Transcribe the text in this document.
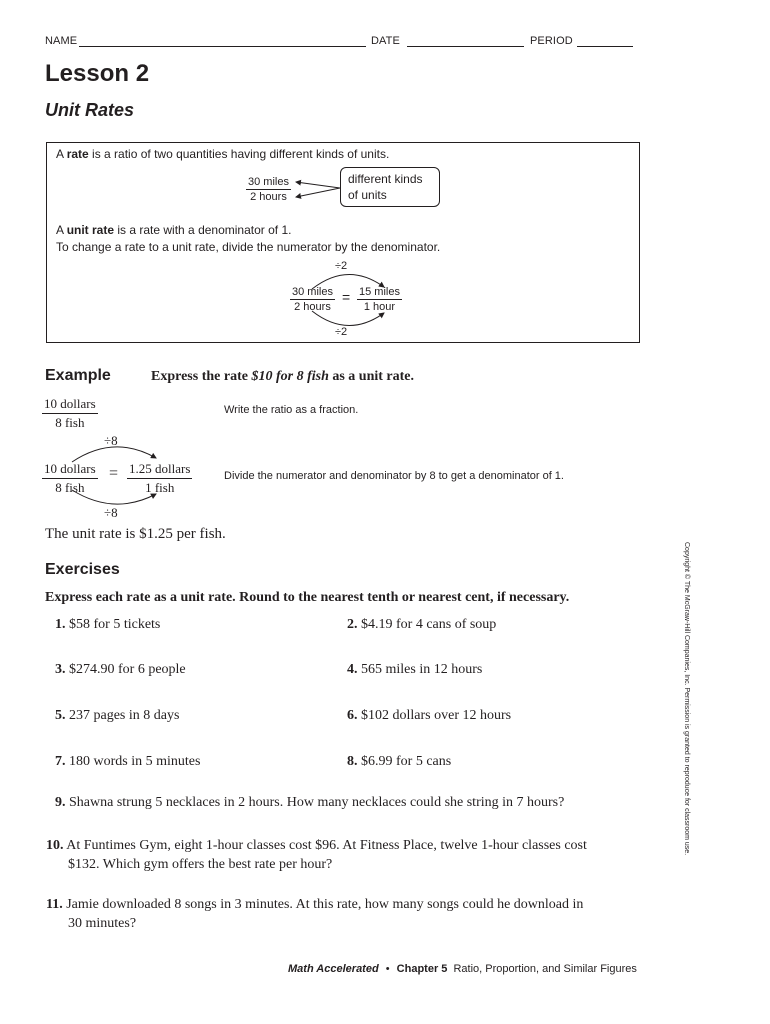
NAME	DATE	PERIOD
Lesson 2
Unit Rates
A rate is a ratio of two quantities having different kinds of units.
30 miles
2 hours
different kinds
of units
A unit rate is a rate with a denominator of 1.
To change a rate to a unit rate, divide the numerator by the denominator.
÷2
30 miles
2 hours
= 15 miles
1 hour
÷2
Example	Express the rate $10 for 8 fish as a unit rate.
10 dollars
8 fish
Write the ratio as a fraction.
÷8
10 dollars
8 fish
= 1.25 dollars
1 fish
Divide the numerator and denominator by 8 to get a denominator of 1.
÷8
The unit rate is $1.25 per fish.
Exercises
Express each rate as a unit rate. Round to the nearest tenth or nearest cent, if necessary.
1. $58 for 5 tickets	2. $4.19 for 4 cans of soup
3. $274.90 for 6 people	4. 565 miles in 12 hours
5. 237 pages in 8 days	6. $102 dollars over 12 hours
7. 180 words in 5 minutes	8. $6.99 for 5 cans
9. Shawna strung 5 necklaces in 2 hours. How many necklaces could she string in 7 hours?
10. At Funtimes Gym, eight 1-hour classes cost $96. At Fitness Place, twelve 1-hour classes cost
$132. Which gym offers the best rate per hour?
11. Jamie downloaded 8 songs in 3 minutes. At this rate, how many songs could he download in
30 minutes?
Copyright © The McGraw-Hill Companies, Inc. Permission is granted to reproduce for classroom use.
Math Accelerated • Chapter 5 Ratio, Proportion, and Similar Figures
